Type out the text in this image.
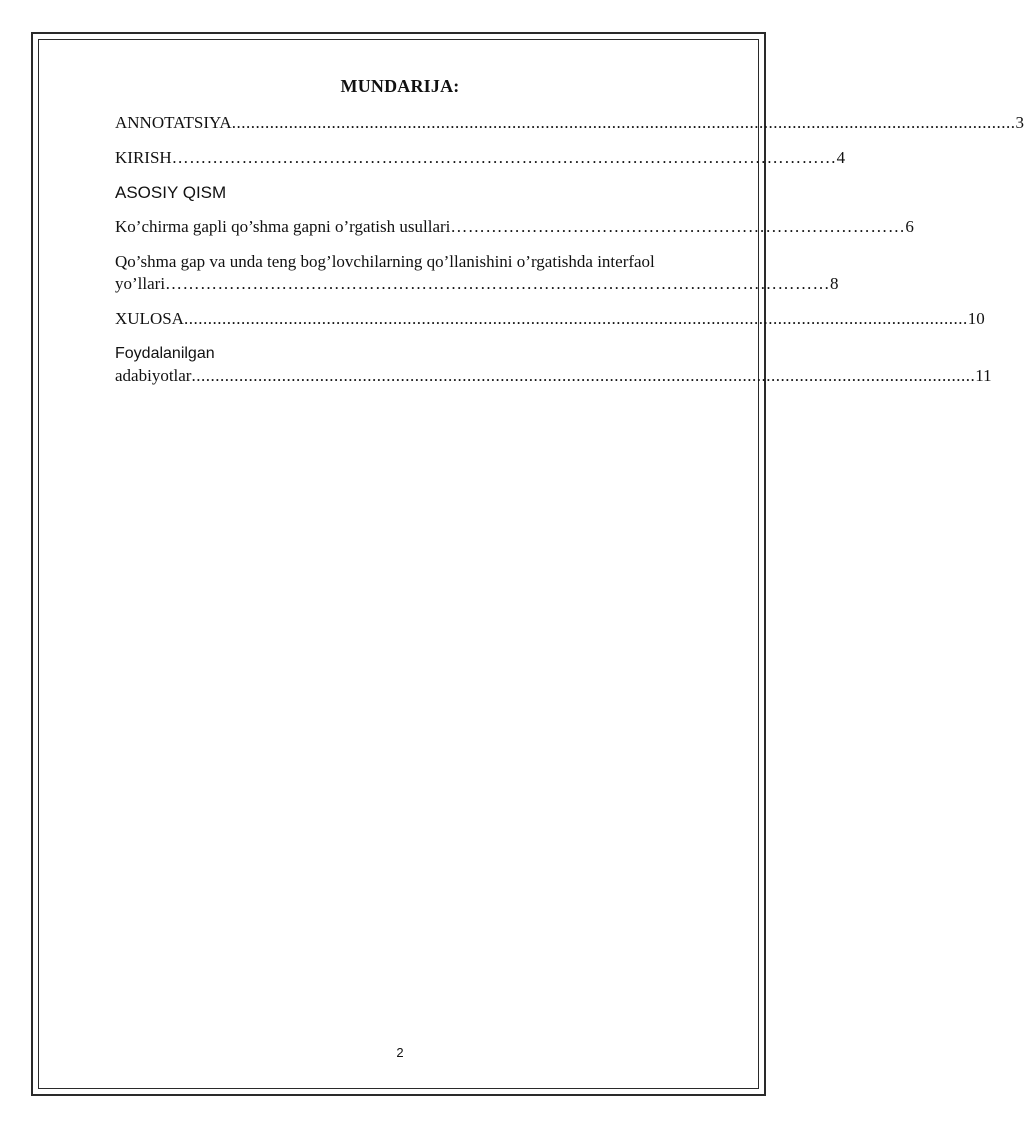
MUNDARIJA:
ANNOTATSIYA ..................................................................................................................................................................... 3
KIRISH …………………………………………………………………………………………………… 4
ASOSIY QISM
Ko’chirma gapli qo’shma gapni o’rgatish usullari …………………………………………………………………… 6
Qo’shma gap va unda teng bog’lovchilarning qo’llanishini o’rgatishda interfaol
yo’llari …………………………………………………………………………………………………… 8
XULOSA ..................................................................................................................................................................... 10
Foydalanilgan
adabiyotlar ..................................................................................................................................................................... 11
2
